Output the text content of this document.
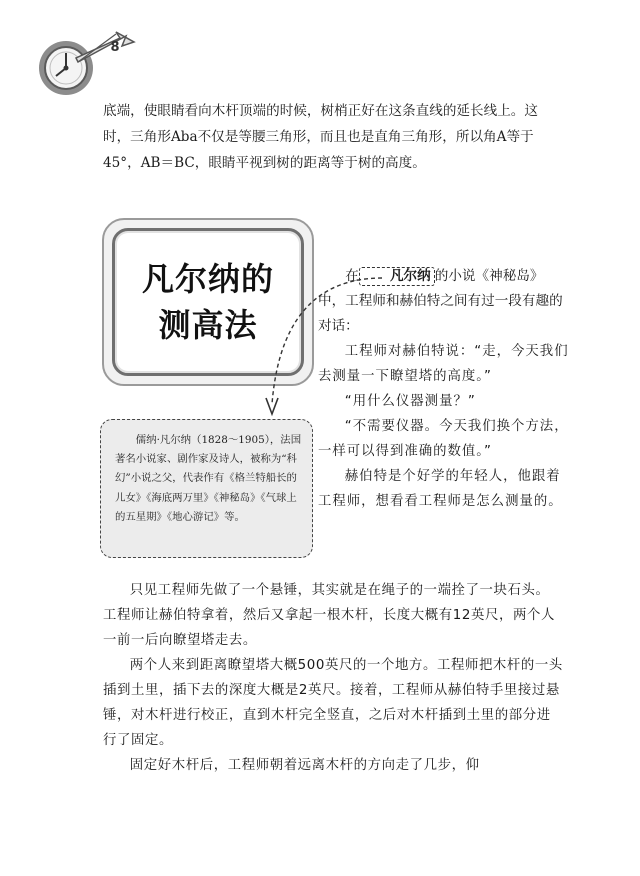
8

底端，使眼睛看向木杆顶端的时候，树梢正好在这条直线的延长线上。这时，三角形Aba不仅是等腰三角形，而且也是直角三角形，所以角A等于45°，AB＝BC，眼睛平视到树的距离等于树的高度。

凡尔纳的
测高法

儒纳·凡尔纳（1828～1905），法国著名小说家、剧作家及诗人，被称为“科幻”小说之父，代表作有《格兰特船长的儿女》《海底两万里》《神秘岛》《气球上的五星期》《地心游记》等。

在 凡尔纳 的小说《神秘岛》中，工程师和赫伯特之间有过一段有趣的对话：

工程师对赫伯特说：“走，今天我们去测量一下瞭望塔的高度。”

“用什么仪器测量？”

“不需要仪器。今天我们换个方法，一样可以得到准确的数值。”

赫伯特是个好学的年轻人，他跟着工程师，想看看工程师是怎么测量的。

只见工程师先做了一个悬锤，其实就是在绳子的一端拴了一块石头。工程师让赫伯特拿着，然后又拿起一根木杆，长度大概有12英尺，两个人一前一后向瞭望塔走去。

两个人来到距离瞭望塔大概500英尺的一个地方。工程师把木杆的一头插到土里，插下去的深度大概是2英尺。接着，工程师从赫伯特手里接过悬锤，对木杆进行校正，直到木杆完全竖直，之后对木杆插到土里的部分进行了固定。

固定好木杆后，工程师朝着远离木杆的方向走了几步，仰
